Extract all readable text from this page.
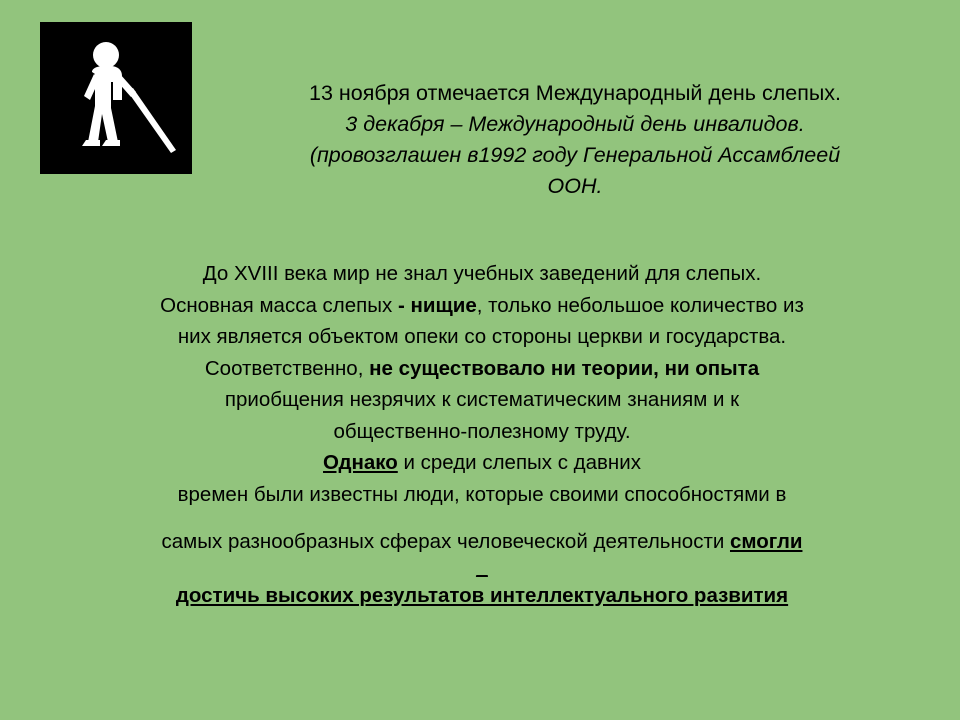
13 ноября отмечается Международный день слепых.
3 декабря – Международный день инвалидов.
(провозглашен в1992 году Генеральной Ассамблеей
ООН.
До XVIII века мир не знал учебных заведений для слепых.
Основная масса слепых - нищие, только небольшое количество из
них является объектом опеки со стороны церкви и государства.
Соответственно, не существовало ни теории, ни опыта
приобщения незрячих к систематическим знаниям и к
общественно-полезному труду.
Однако и среди слепых с давних
времен были известны люди, которые своими способностями в
самых разнообразных сферах человеческой деятельности смогли
_
достичь высоких результатов интеллектуального развития
